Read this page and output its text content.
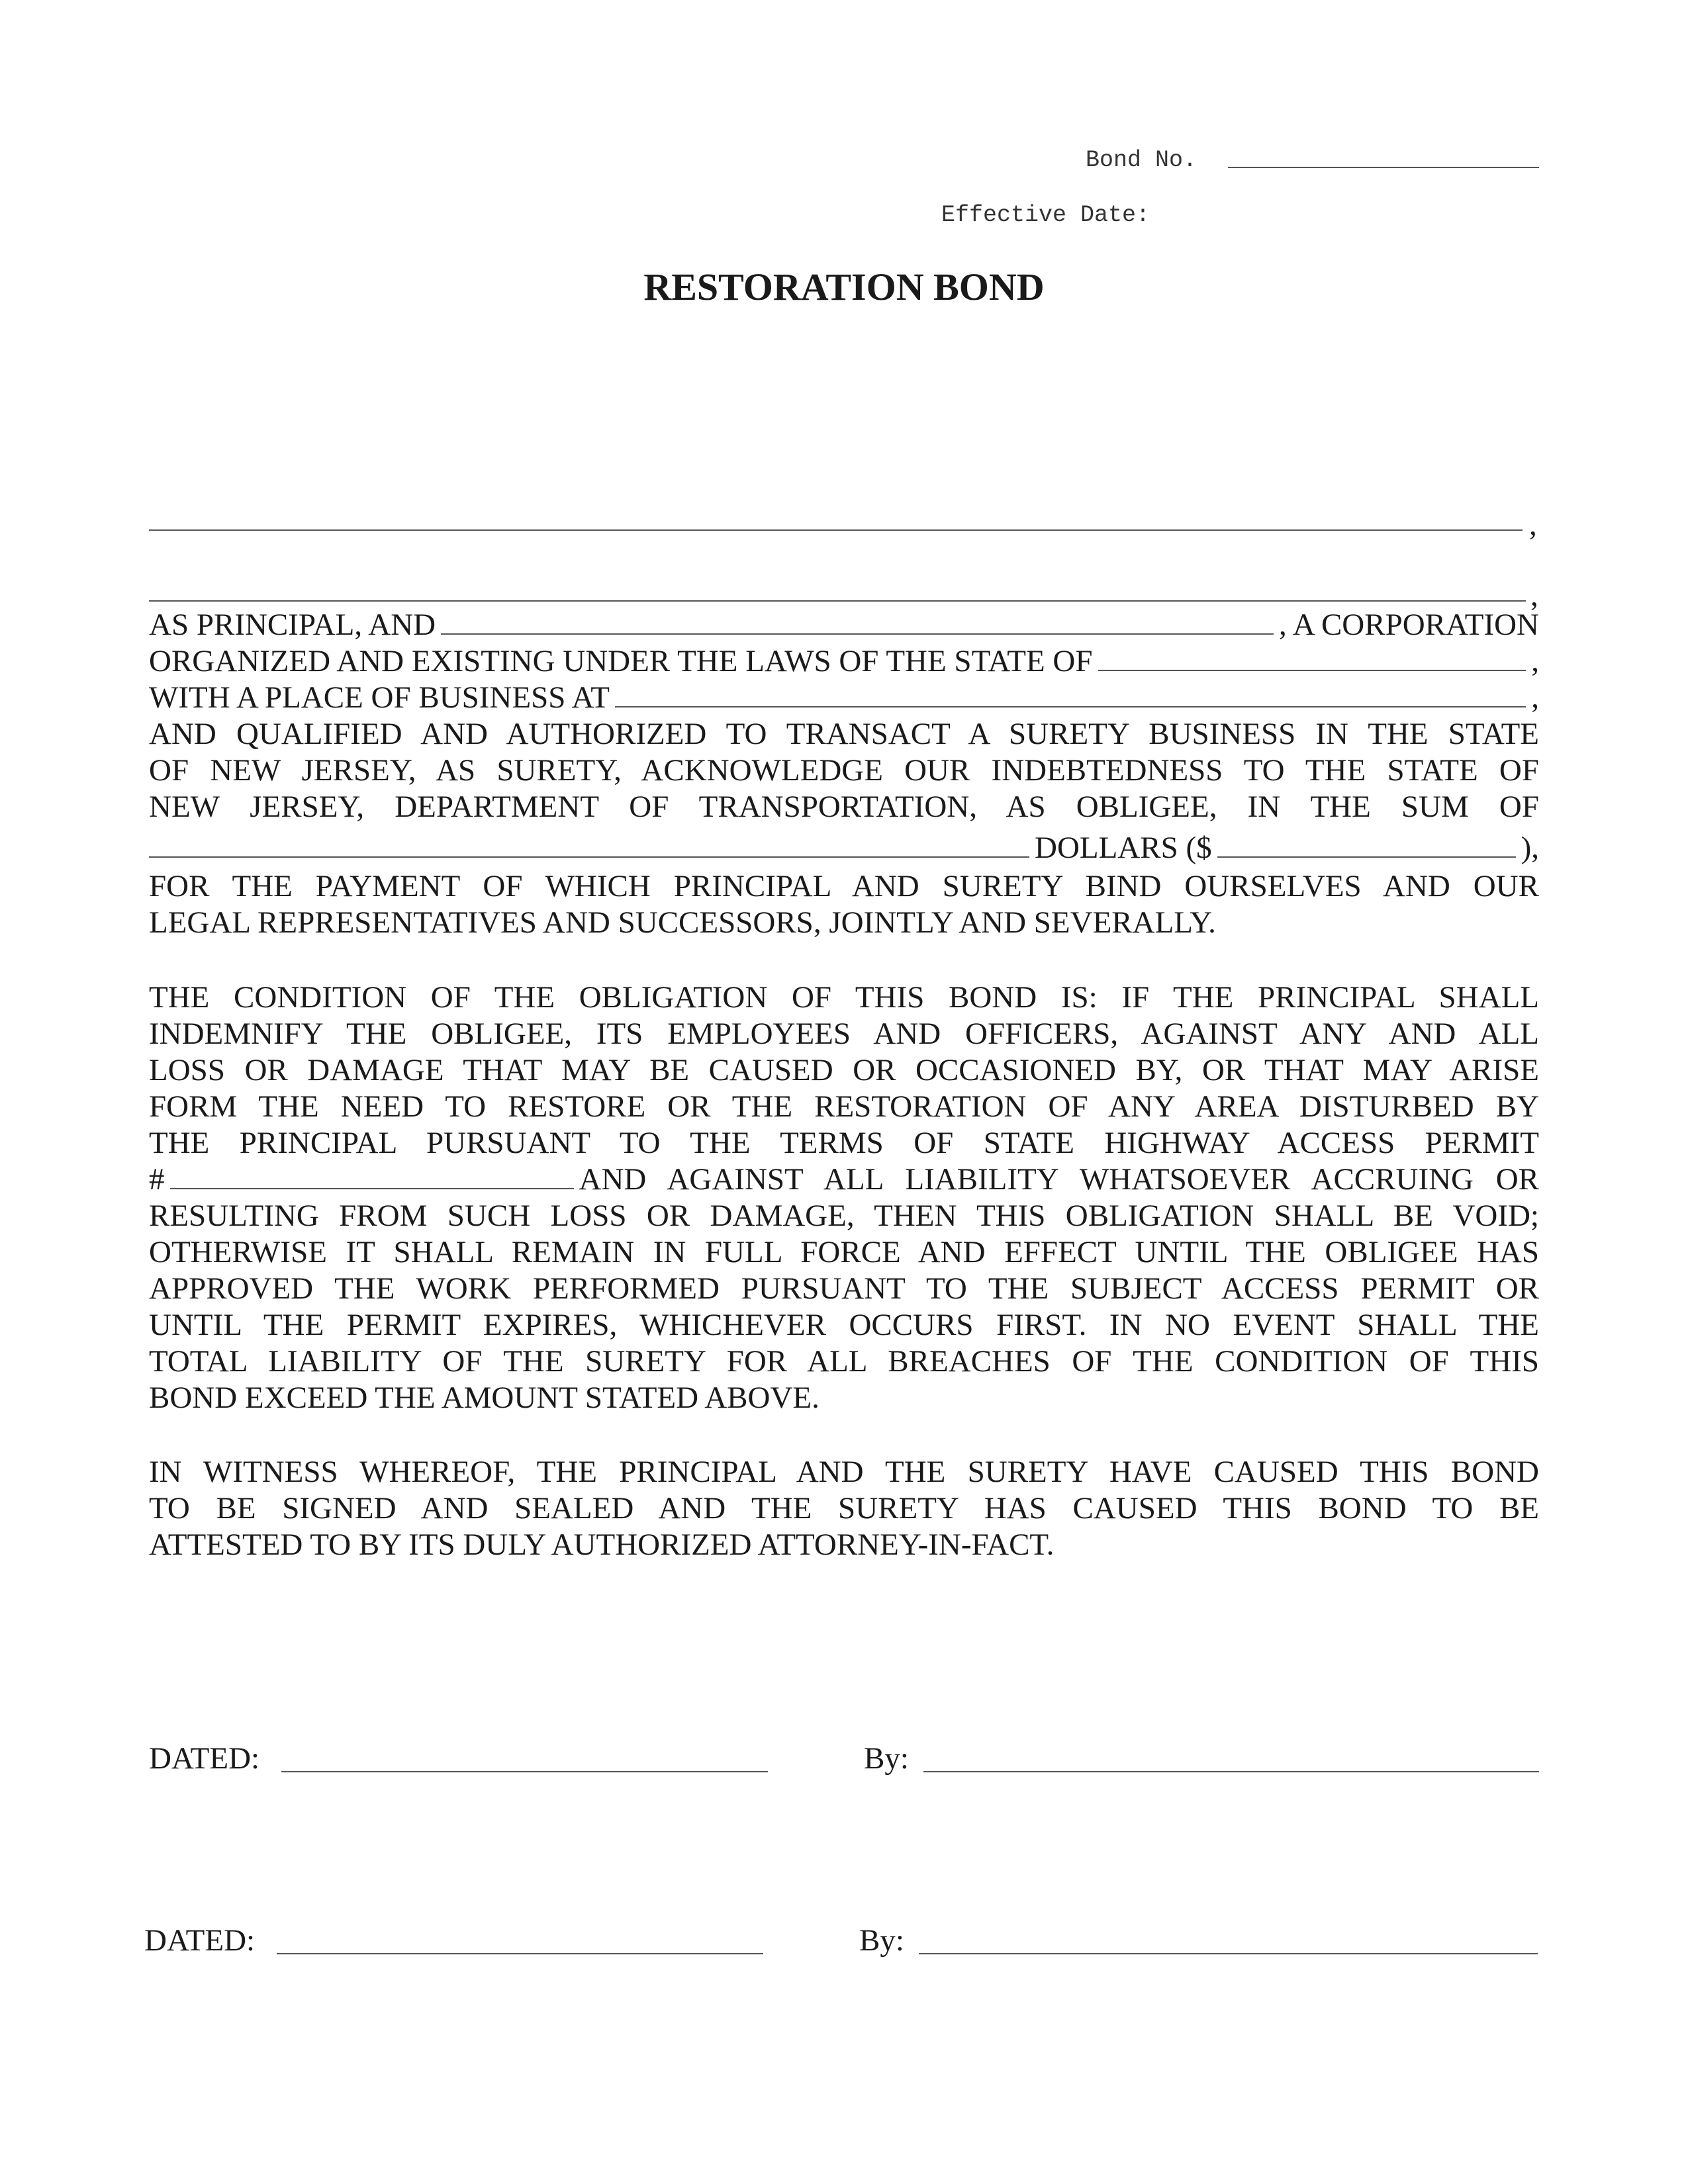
Bond No.
Effective Date:
RESTORATION BOND
,
,
AS PRINCIPAL, AND	, A CORPORATION
ORGANIZED AND EXISTING UNDER THE LAWS OF THE STATE OF	,
WITH A PLACE OF BUSINESS AT	,
AND QUALIFIED AND AUTHORIZED TO TRANSACT A SURETY BUSINESS IN THE STATE
OF NEW JERSEY, AS SURETY, ACKNOWLEDGE OUR INDEBTEDNESS TO THE STATE OF
NEW JERSEY, DEPARTMENT OF TRANSPORTATION, AS OBLIGEE, IN THE SUM OF
DOLLARS ($	),
FOR THE PAYMENT OF WHICH PRINCIPAL AND SURETY BIND OURSELVES AND OUR
LEGAL REPRESENTATIVES AND SUCCESSORS, JOINTLY AND SEVERALLY.
THE CONDITION OF THE OBLIGATION OF THIS BOND IS: IF THE PRINCIPAL SHALL
INDEMNIFY THE OBLIGEE, ITS EMPLOYEES AND OFFICERS, AGAINST ANY AND ALL
LOSS OR DAMAGE THAT MAY BE CAUSED OR OCCASIONED BY, OR THAT MAY ARISE
FORM THE NEED TO RESTORE OR THE RESTORATION OF ANY AREA DISTURBED BY
THE PRINCIPAL PURSUANT TO THE TERMS OF STATE HIGHWAY ACCESS PERMIT
#	AND AGAINST ALL LIABILITY WHATSOEVER ACCRUING OR
RESULTING FROM SUCH LOSS OR DAMAGE, THEN THIS OBLIGATION SHALL BE VOID;
OTHERWISE IT SHALL REMAIN IN FULL FORCE AND EFFECT UNTIL THE OBLIGEE HAS
APPROVED THE WORK PERFORMED PURSUANT TO THE SUBJECT ACCESS PERMIT OR
UNTIL THE PERMIT EXPIRES, WHICHEVER OCCURS FIRST. IN NO EVENT SHALL THE
TOTAL LIABILITY OF THE SURETY FOR ALL BREACHES OF THE CONDITION OF THIS
BOND EXCEED THE AMOUNT STATED ABOVE.
IN WITNESS WHEREOF, THE PRINCIPAL AND THE SURETY HAVE CAUSED THIS BOND
TO BE SIGNED AND SEALED AND THE SURETY HAS CAUSED THIS BOND TO BE
ATTESTED TO BY ITS DULY AUTHORIZED ATTORNEY-IN-FACT.
DATED:	By:
DATED:	By:
